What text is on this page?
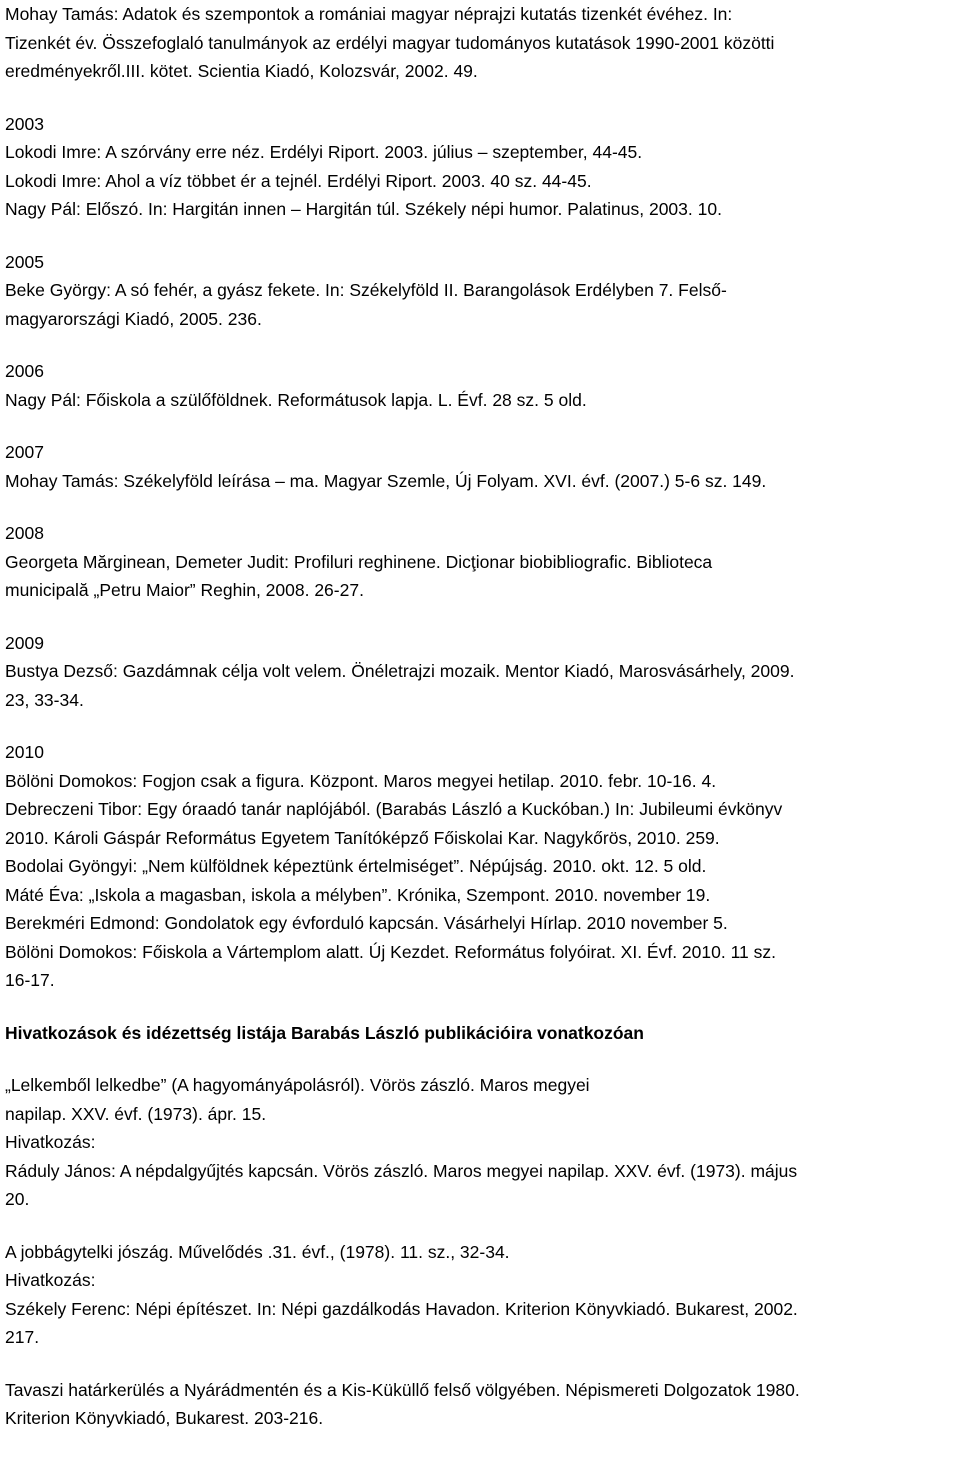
Mohay Tamás: Adatok és szempontok a romániai magyar néprajzi kutatás tizenkét évéhez. In:
Tizenkét év. Összefoglaló tanulmányok az erdélyi magyar tudományos kutatások 1990-2001 közötti
eredményekről.III. kötet. Scientia Kiadó, Kolozsvár, 2002. 49.
2003
Lokodi Imre: A szórvány erre néz. Erdélyi Riport. 2003. július – szeptember, 44-45.
Lokodi Imre: Ahol a víz többet ér a tejnél. Erdélyi Riport. 2003. 40 sz. 44-45.
Nagy Pál: Előszó. In: Hargitán innen – Hargitán túl. Székely népi humor. Palatinus, 2003. 10.
2005
Beke György: A só fehér, a gyász fekete. In: Székelyföld II. Barangolások Erdélyben 7. Felső-
magyarországi Kiadó, 2005. 236.
2006
Nagy Pál: Főiskola a szülőföldnek. Reformátusok lapja. L. Évf. 28 sz. 5 old.
2007
Mohay Tamás: Székelyföld leírása – ma. Magyar Szemle, Új Folyam. XVI. évf. (2007.) 5-6 sz. 149.
2008
Georgeta Mărginean, Demeter Judit: Profiluri reghinene. Dicţionar biobibliografic. Biblioteca
municipală „Petru Maior” Reghin, 2008. 26-27.
2009
Bustya Dezső: Gazdámnak célja volt velem. Önéletrajzi mozaik. Mentor Kiadó, Marosvásárhely, 2009.
23, 33-34.
2010
Bölöni Domokos: Fogjon csak a figura. Központ. Maros megyei hetilap. 2010. febr. 10-16. 4.
Debreczeni Tibor: Egy óraadó tanár naplójából. (Barabás László a Kuckóban.) In: Jubileumi évkönyv
2010. Károli Gáspár Református Egyetem Tanítóképző Főiskolai Kar. Nagykőrös, 2010. 259.
Bodolai Gyöngyi: „Nem külföldnek képeztünk értelmiséget”. Népújság. 2010. okt. 12. 5 old.
Máté Éva: „Iskola a magasban, iskola a mélyben”. Krónika, Szempont. 2010. november 19.
Berekméri Edmond: Gondolatok egy évforduló kapcsán. Vásárhelyi Hírlap. 2010 november 5.
Bölöni Domokos: Főiskola a Vártemplom alatt. Új Kezdet. Református folyóirat. XI. Évf. 2010. 11 sz.
16-17.
Hivatkozások és idézettség listája Barabás László publikációira vonatkozóan
„Lelkemből lelkedbe” (A hagyományápolásról). Vörös zászló. Maros megyei
napilap. XXV. évf. (1973). ápr. 15.
Hivatkozás:
Ráduly János: A népdalgyűjtés kapcsán. Vörös zászló. Maros megyei napilap. XXV. évf. (1973). május
20.
A jobbágytelki jószág. Művelődés .31. évf., (1978). 11. sz., 32-34.
Hivatkozás:
Székely Ferenc: Népi építészet. In: Népi gazdálkodás Havadon. Kriterion Könyvkiadó. Bukarest, 2002.
217.
Tavaszi határkerülés a Nyárádmentén és a Kis-Küküllő felső völgyében. Népismereti Dolgozatok 1980.
Kriterion Könyvkiadó, Bukarest. 203-216.
